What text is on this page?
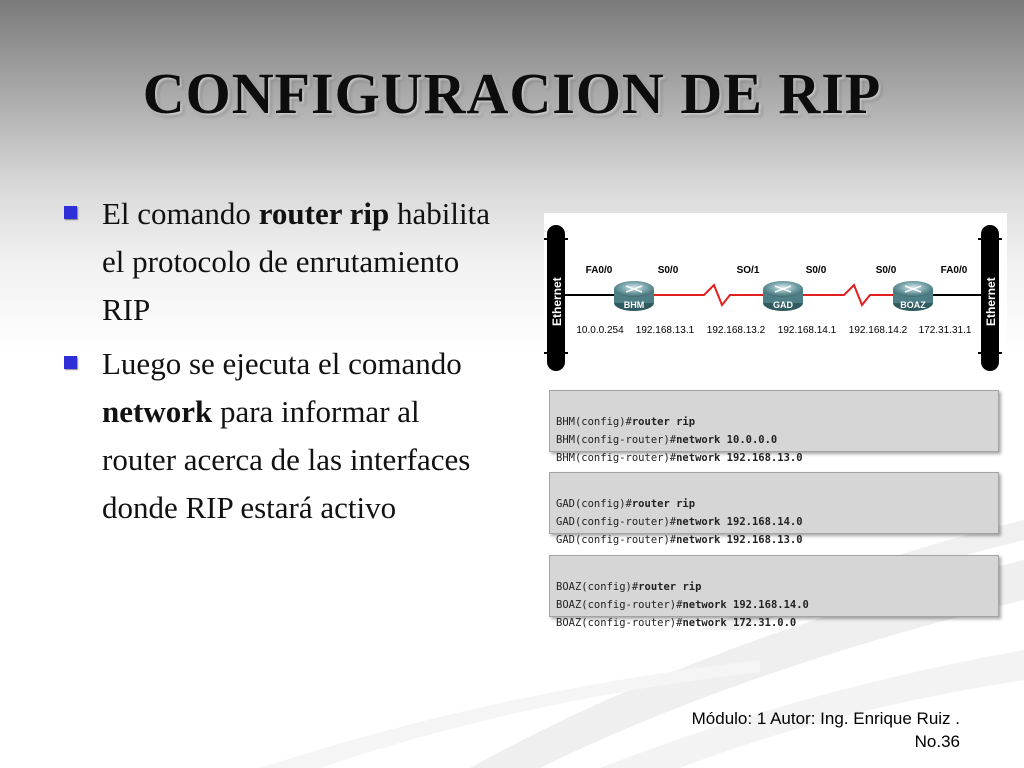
CONFIGURACION DE RIP
El comando router rip habilita el protocolo de enrutamiento RIP
Luego se ejecuta el comando network para informar al router acerca de las interfaces donde RIP estará activo
Ethernet	Ethernet
BHM	GAD	BOAZ
FA0/0	S0/0	SO/1	S0/0	S0/0	FA0/0
10.0.0.254 192.168.13.1 192.168.13.2 192.168.14.1 192.168.14.2 172.31.31.1

BHM(config)#router rip
BHM(config-router)#network 10.0.0.0
BHM(config-router)#network 192.168.13.0

GAD(config)#router rip
GAD(config-router)#network 192.168.14.0
GAD(config-router)#network 192.168.13.0

BOAZ(config)#router rip
BOAZ(config-router)#network 192.168.14.0
BOAZ(config-router)#network 172.31.0.0

Módulo: 1 Autor: Ing. Enrique Ruiz .
No.36
